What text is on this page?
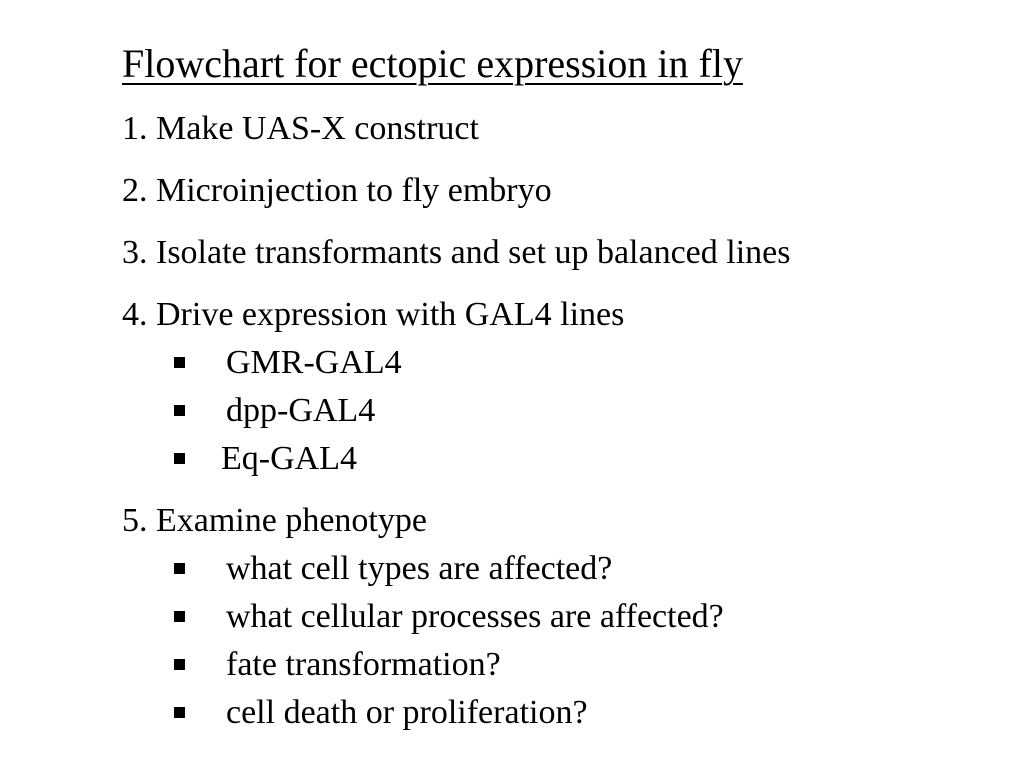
Flowchart for ectopic expression in fly
1. Make UAS-X construct
2. Microinjection to fly embryo
3. Isolate transformants and set up balanced lines
4. Drive expression with GAL4 lines
GMR-GAL4
dpp-GAL4
Eq-GAL4
5. Examine phenotype
what cell types are affected?
what cellular processes are affected?
fate transformation?
cell death or proliferation?
